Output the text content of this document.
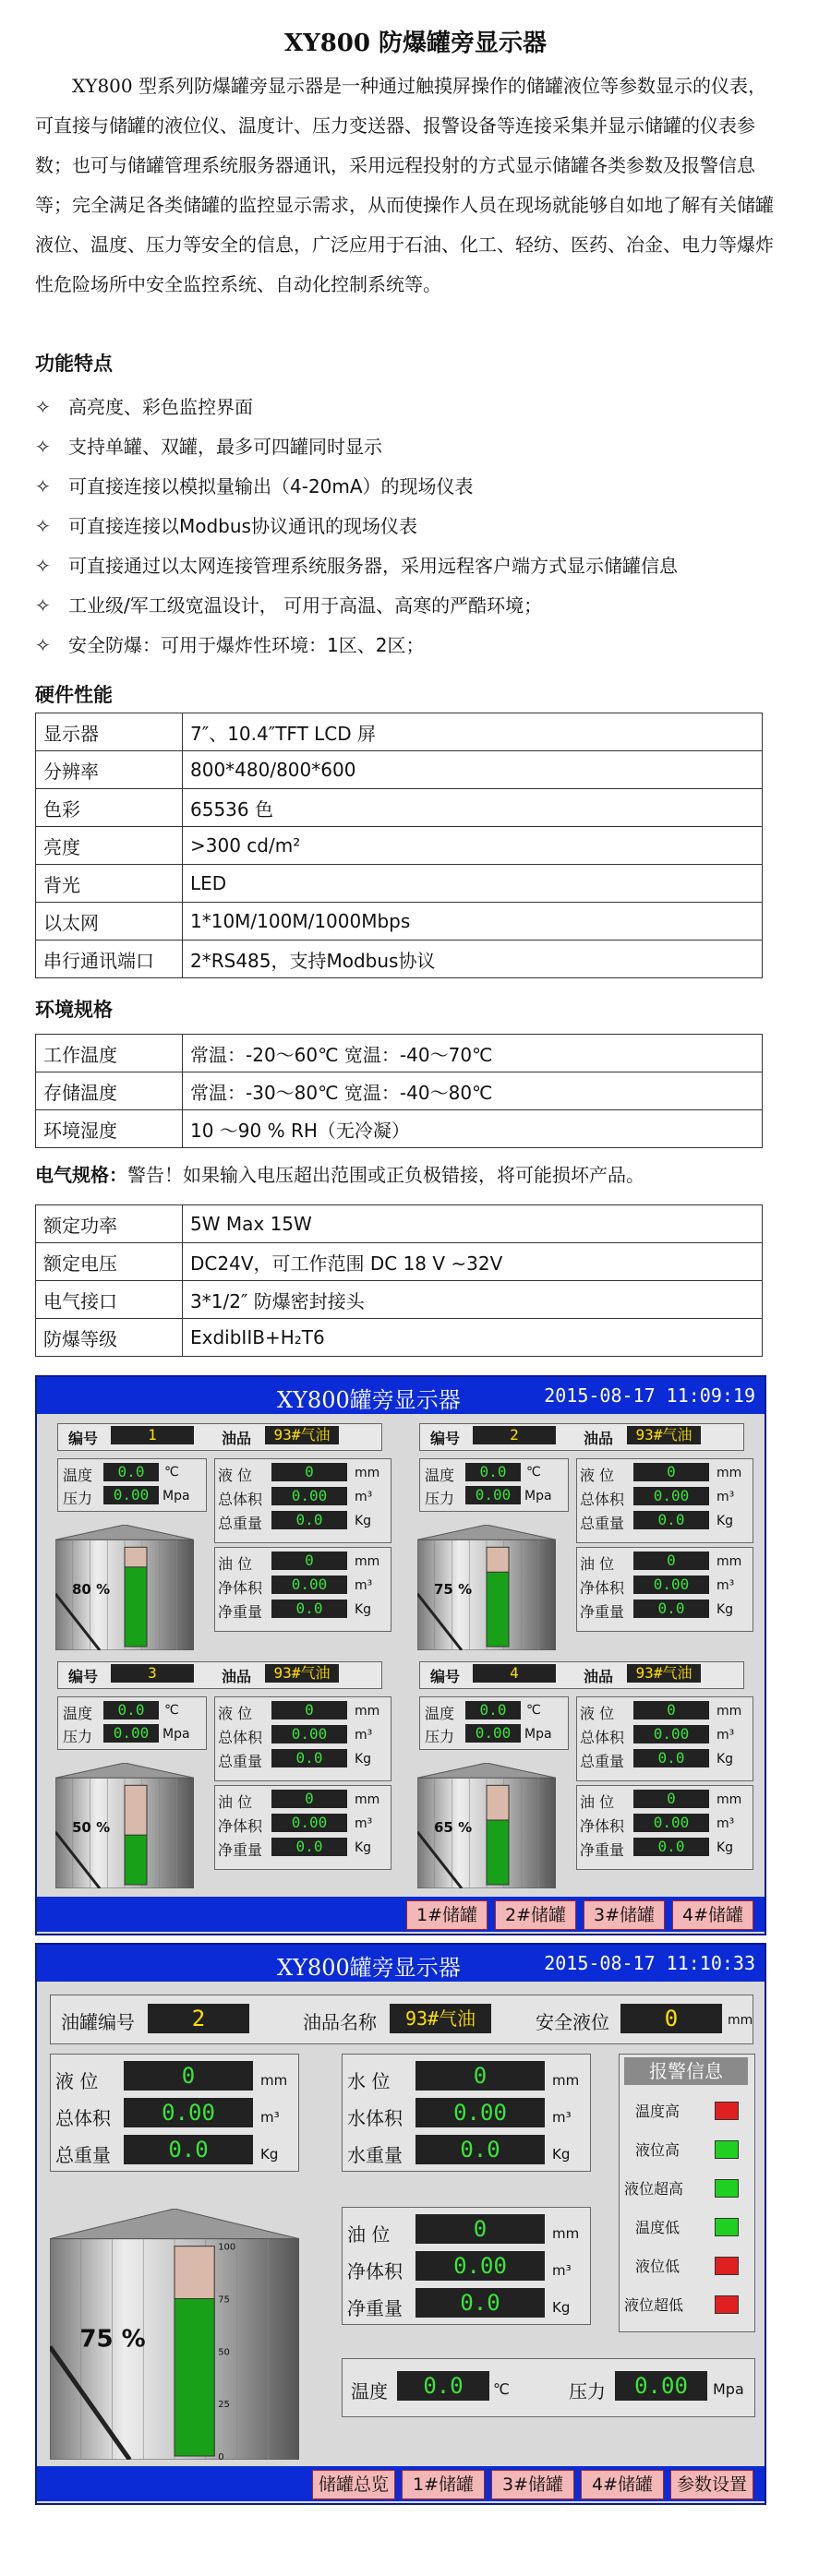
XY800 防爆罐旁显示器
XY800 型系列防爆罐旁显示器是一种通过触摸屏操作的储罐液位等参数显示的仪表，可直接与储罐的液位仪、温度计、压力变送器、报警设备等连接采集并显示储罐的仪表参数；也可与储罐管理系统服务器通讯，采用远程投射的方式显示储罐各类参数及报警信息等；完全满足各类储罐的监控显示需求，从而使操作人员在现场就能够自如地了解有关储罐液位、温度、压力等安全的信息，广泛应用于石油、化工、轻纺、医药、冶金、电力等爆炸性危险场所中安全监控系统、自动化控制系统等。
功能特点
✧ 高亮度、彩色监控界面
✧ 支持单罐、双罐，最多可四罐同时显示
✧ 可直接连接以模拟量输出（4-20mA）的现场仪表
✧ 可直接连接以Modbus协议通讯的现场仪表
✧ 可直接通过以太网连接管理系统服务器，采用远程客户端方式显示储罐信息
✧ 工业级/军工级宽温设计， 可用于高温、高寒的严酷环境；
✧ 安全防爆：可用于爆炸性环境：1区、2区；
硬件性能
显示器	7″、10.4″TFT LCD 屏
分辨率	800*480/800*600
色彩	65536 色
亮度	>300 cd/m²
背光	LED
以太网	1*10M/100M/1000Mbps
串行通讯端口	2*RS485，支持Modbus协议
环境规格
工作温度	常温：-20～60℃ 宽温：-40～70℃
存储温度	常温：-30～80℃ 宽温：-40～80℃
环境湿度	10 ～90 % RH（无冷凝）
电气规格：警告！如果输入电压超出范围或正负极错接，将可能损坏产品。
额定功率	5W Max 15W
额定电压	DC24V，可工作范围 DC 18 V ~32V
电气接口	3*1/2″ 防爆密封接头
防爆等级	ExdibIIB+H₂T6
XY800罐旁显示器	2015-08-17 11:09:19
编号	1	油品	93#气油
温度	0.0	℃
压力	0.00	Mpa
液 位	0	mm
总体积	0.00	m³
总重量	0.0	Kg
油 位	0	mm
净体积	0.00	m³
净重量	0.0	Kg
80 %
编号	2	油品	93#气油
温度	0.0	℃
压力	0.00	Mpa
液 位	0	mm
总体积	0.00	m³
总重量	0.0	Kg
油 位	0	mm
净体积	0.00	m³
净重量	0.0	Kg
75 %
编号	3	油品	93#气油
温度	0.0	℃
压力	0.00	Mpa
液 位	0	mm
总体积	0.00	m³
总重量	0.0	Kg
油 位	0	mm
净体积	0.00	m³
净重量	0.0	Kg
50 %
编号	4	油品	93#气油
温度	0.0	℃
压力	0.00	Mpa
液 位	0	mm
总体积	0.00	m³
总重量	0.0	Kg
油 位	0	mm
净体积	0.00	m³
净重量	0.0	Kg
65 %
1#储罐	2#储罐	3#储罐	4#储罐
XY800罐旁显示器	2015-08-17 11:10:33
油罐编号	2	油品名称	93#气油	安全液位	0	mm
液 位	0	mm
总体积	0.00	m³
总重量	0.0	Kg
水 位	0	mm
水体积	0.00	m³
水重量	0.0	Kg
油 位	0	mm
净体积	0.00	m³
净重量	0.0	Kg
报警信息
温度高
液位高
液位超高
温度低
液位低
液位超低
温度	0.0	℃	压力	0.00	Mpa
75 %
100
75
50
25
0
储罐总览	1#储罐	3#储罐	4#储罐	参数设置
